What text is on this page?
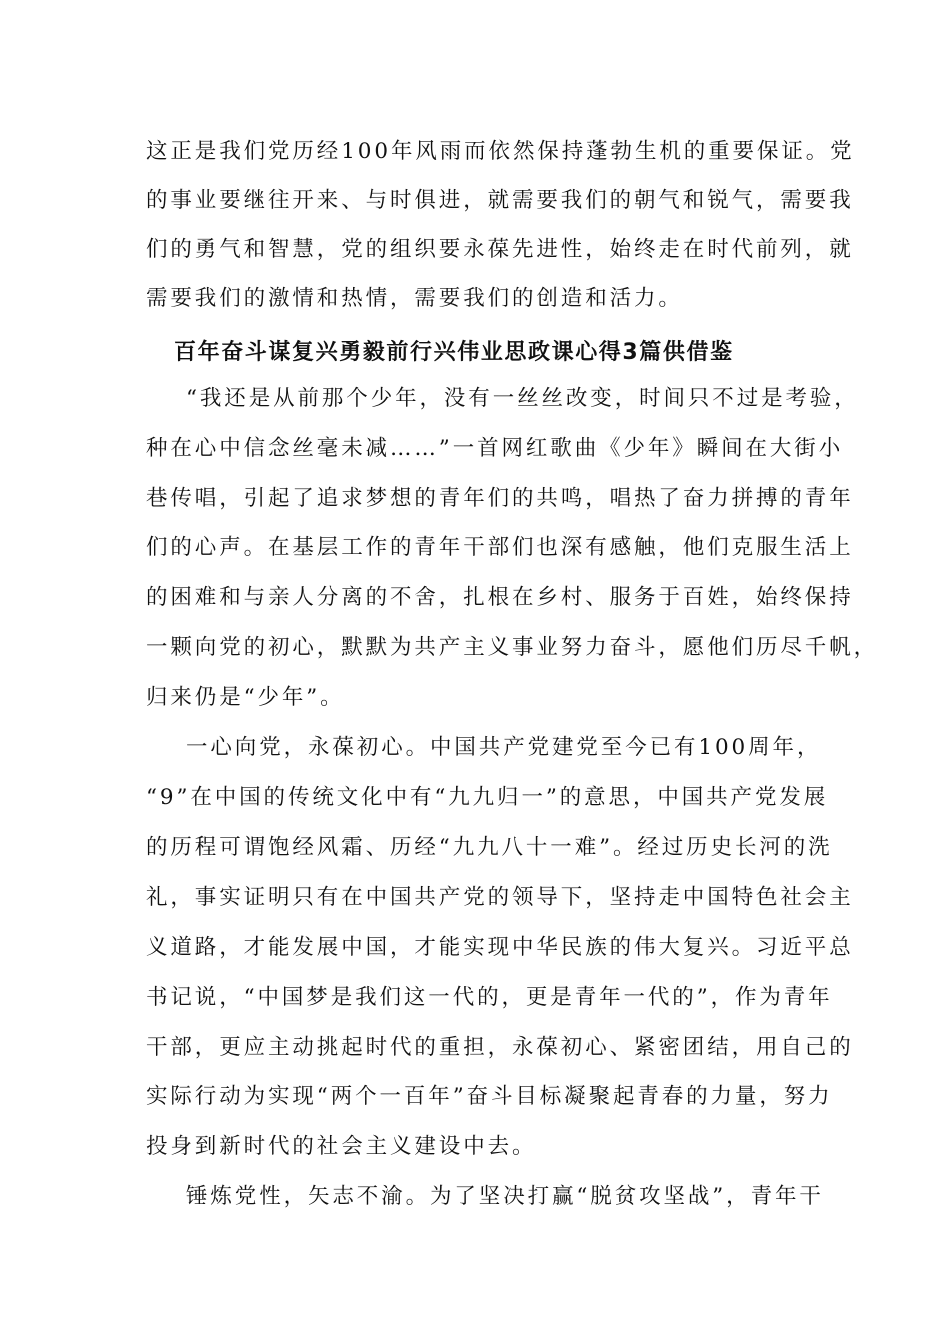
这正是我们党历经100年风雨而依然保持蓬勃生机的重要保证。党
的事业要继往开来、与时俱进，就需要我们的朝气和锐气，需要我
们的勇气和智慧，党的组织要永葆先进性，始终走在时代前列，就
需要我们的激情和热情，需要我们的创造和活力。
百年奋斗谋复兴勇毅前行兴伟业思政课心得3篇供借鉴
“我还是从前那个少年，没有一丝丝改变，时间只不过是考验，
种在心中信念丝毫未减……”一首网红歌曲《少年》瞬间在大街小
巷传唱，引起了追求梦想的青年们的共鸣，唱热了奋力拼搏的青年
们的心声。在基层工作的青年干部们也深有感触，他们克服生活上
的困难和与亲人分离的不舍，扎根在乡村、服务于百姓，始终保持
一颗向党的初心，默默为共产主义事业努力奋斗，愿他们历尽千帆，
归来仍是“少年”。
一心向党，永葆初心。中国共产党建党至今已有100周年，
“9”在中国的传统文化中有“九九归一”的意思，中国共产党发展
的历程可谓饱经风霜、历经“九九八十一难”。经过历史长河的洗
礼，事实证明只有在中国共产党的领导下，坚持走中国特色社会主
义道路，才能发展中国，才能实现中华民族的伟大复兴。习近平总
书记说，“中国梦是我们这一代的，更是青年一代的”，作为青年
干部，更应主动挑起时代的重担，永葆初心、紧密团结，用自己的
实际行动为实现“两个一百年”奋斗目标凝聚起青春的力量，努力
投身到新时代的社会主义建设中去。
锤炼党性，矢志不渝。为了坚决打赢“脱贫攻坚战”，青年干
